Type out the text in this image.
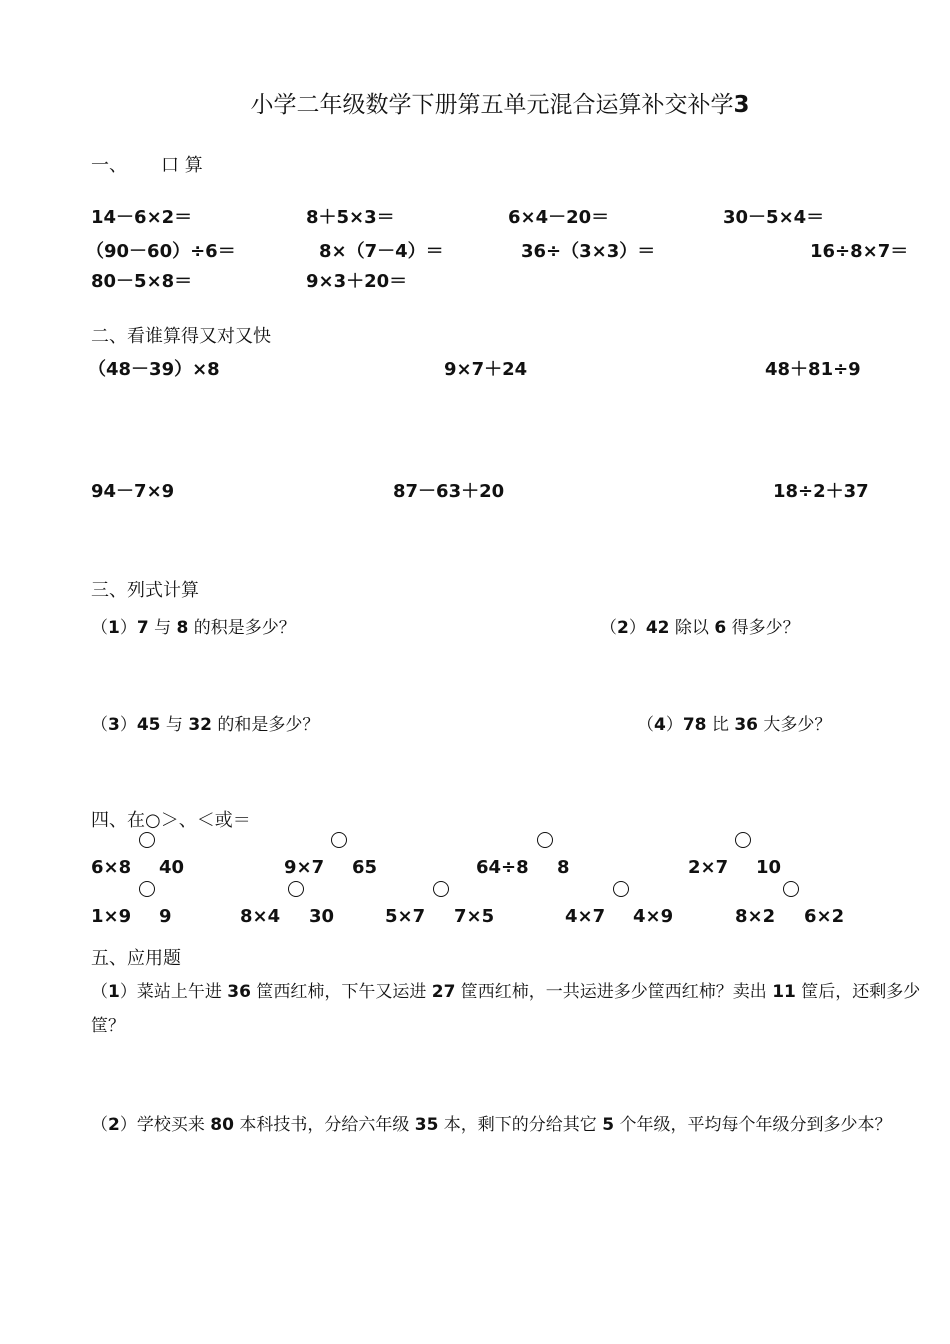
小学二年级数学下册第五单元混合运算补交补学3
一、 口 算
14－6×2＝	8＋5×3＝	6×4－20＝	30－5×4＝
（90－60）÷6＝	8×（7－4）＝	36÷（3×3）＝	16÷8×7＝
80－5×8＝	9×3＋20＝
二、看谁算得又对又快
（48－39）×8	9×7＋24	48＋81÷9
94－7×9	87－63＋20	18÷2＋37
三、列式计算
（1）7 与 8 的积是多少？	（2）42 除以 6 得多少？
（3）45 与 32 的和是多少？	（4）78 比 36 大多少？
四、在○＞、＜或＝
6×8 40	9×7 65	64÷8 8	2×7 10
1×9 9	8×4 30	5×7 7×5	4×7 4×9	8×2 6×2
五、应用题
（1）菜站上午进 36 筐西红柿，下午又运进 27 筐西红柿，一共运进多少筐西红柿？卖出 11 筐后，还剩多少筐？
（2）学校买来 80 本科技书，分给六年级 35 本，剩下的分给其它 5 个年级，平均每个年级分到多少本？
